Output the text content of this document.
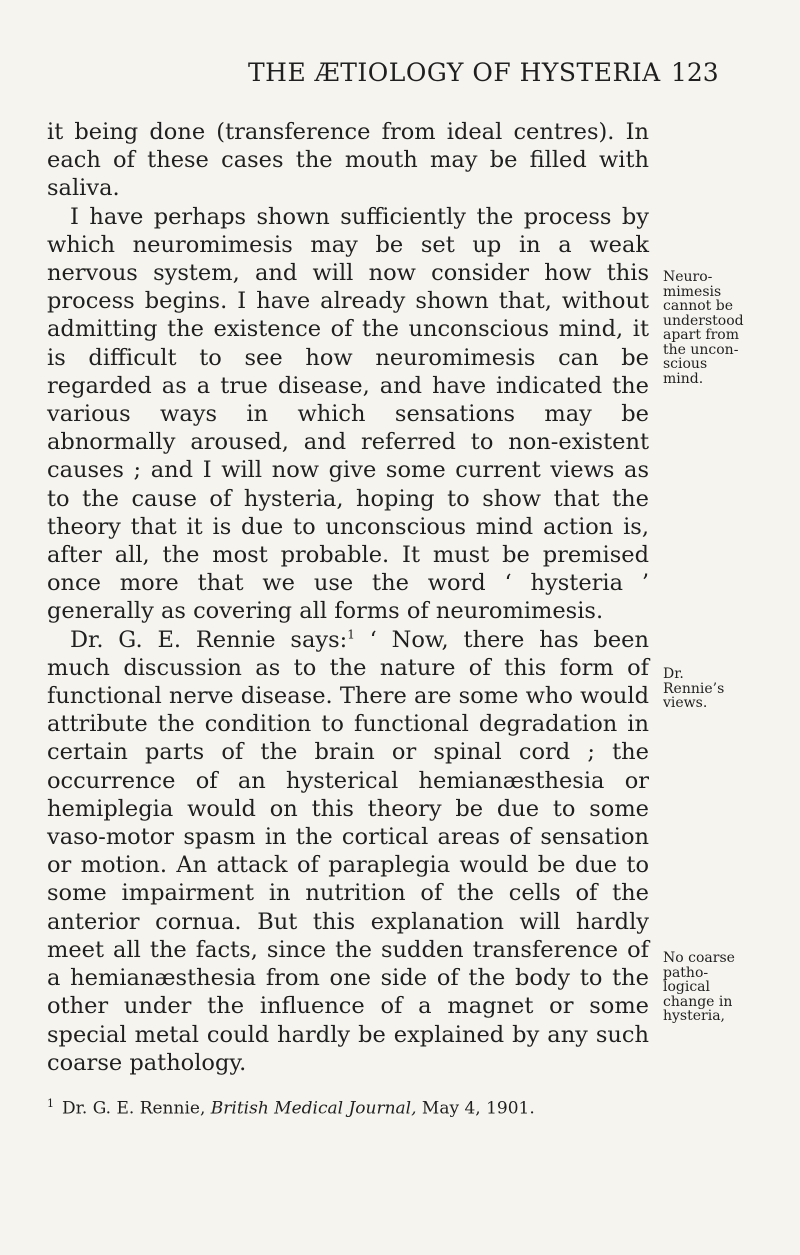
THE ÆTIOLOGY OF HYSTERIA 123

it being done (transference from ideal centres). In each of these cases the mouth may be filled with saliva.

I have perhaps shown sufficiently the process by which neuromimesis may be set up in a weak nervous system, and will now consider how this process begins. I have already shown that, without admitting the existence of the unconscious mind, it is difficult to see how neuromimesis can be regarded as a true disease, and have indicated the various ways in which sensations may be abnormally aroused, and referred to non-existent causes ; and I will now give some current views as to the cause of hysteria, hoping to show that the theory that it is due to unconscious mind action is, after all, the most probable. It must be premised once more that we use the word ‘ hysteria ’ generally as covering all forms of neuromimesis.

Dr. G. E. Rennie says:$^1$ ‘ Now, there has been much discussion as to the nature of this form of functional nerve disease. There are some who would attribute the condition to functional degradation in certain parts of the brain or spinal cord ; the occurrence of an hysterical hemianæsthesia or hemiplegia would on this theory be due to some vaso-motor spasm in the cortical areas of sensation or motion. An attack of paraplegia would be due to some impairment in nutrition of the cells of the anterior cornua. But this explanation will hardly meet all the facts, since the sudden transference of a hemianæsthesia from one side of the body to the other under the influence of a magnet or some special metal could hardly be explained by any such coarse pathology.

Neuro-
mimesis
cannot be
understood
apart from
the uncon-
scious
mind.
Dr.
Rennie’s
views.
No coarse
patho-
logical
change in
hysteria,
$^1$ Dr. G. E. Rennie, British Medical Journal, May 4, 1901.
